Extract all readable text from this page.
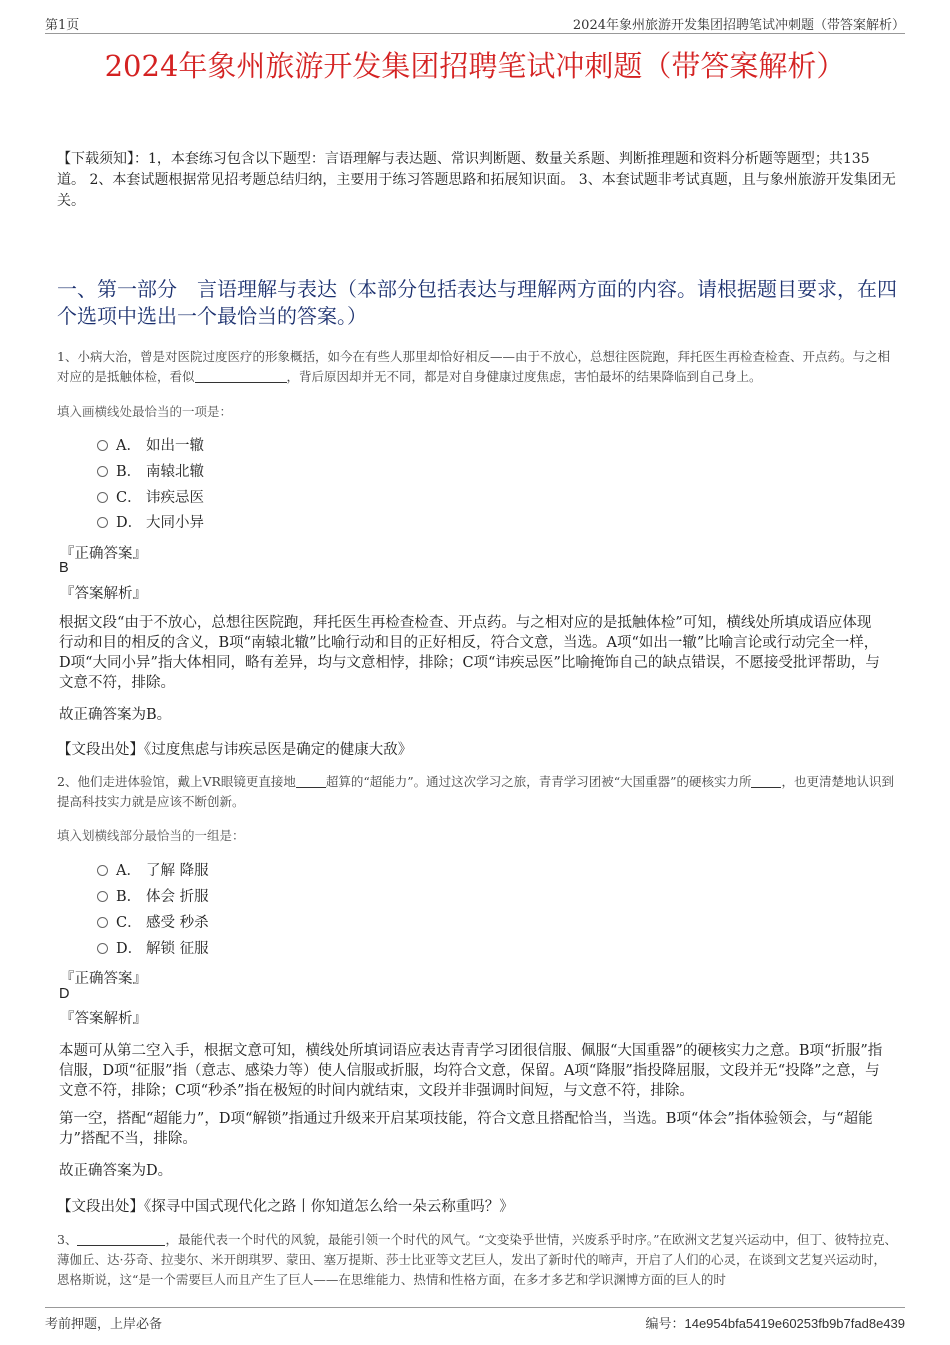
第1页	2024年象州旅游开发集团招聘笔试冲刺题（带答案解析）
2024年象州旅游开发集团招聘笔试冲刺题（带答案解析）
【下载须知】：1，本套练习包含以下题型：言语理解与表达题、常识判断题、数量关系题、判断推理题和资料分析题等题型；共135道。 2、本套试题根据常见招考题总结归纳，主要用于练习答题思路和拓展知识面。 3、本套试题非考试真题，且与象州旅游开发集团无关。
一、第一部分　言语理解与表达（本部分包括表达与理解两方面的内容。请根据题目要求，在四个选项中选出一个最恰当的答案。）
1、小病大治，曾是对医院过度医疗的形象概括，如今在有些人那里却恰好相反——由于不放心，总想往医院跑，拜托医生再检查检查、开点药。与之相对应的是抵触体检，看似	，背后原因却并无不同，都是对自身健康过度焦虑，害怕最坏的结果降临到自己身上。
填入画横线处最恰当的一项是：
A． 如出一辙
B． 南辕北辙
C． 讳疾忌医
D． 大同小异
『正确答案』
B
『答案解析』
根据文段“由于不放心，总想往医院跑，拜托医生再检查检查、开点药。与之相对应的是抵触体检”可知，横线处所填成语应体现行动和目的相反的含义，B项“南辕北辙”比喻行动和目的正好相反，符合文意，当选。A项“如出一辙”比喻言论或行动完全一样，D项“大同小异”指大体相同，略有差异，均与文意相悖，排除；C项“讳疾忌医”比喻掩饰自己的缺点错误，不愿接受批评帮助，与文意不符，排除。
故正确答案为B。
【文段出处】《过度焦虑与讳疾忌医是确定的健康大敌》
2、他们走进体验馆，戴上VR眼镜更直接地 超算的“超能力”。通过这次学习之旅，青青学习团被“大国重器”的硬核实力所 ，也更清楚地认识到提高科技实力就是应该不断创新。
填入划横线部分最恰当的一组是：
A． 了解 降服
B． 体会 折服
C． 感受 秒杀
D． 解锁 征服
『正确答案』
D
『答案解析』
本题可从第二空入手，根据文意可知，横线处所填词语应表达青青学习团很信服、佩服“大国重器”的硬核实力之意。B项“折服”指信服，D项“征服”指（意志、感染力等）使人信服或折服，均符合文意，保留。A项“降服”指投降屈服，文段并无“投降”之意，与文意不符，排除；C项“秒杀”指在极短的时间内就结束，文段并非强调时间短，与文意不符，排除。
第一空，搭配“超能力”，D项“解锁”指通过升级来开启某项技能，符合文意且搭配恰当，当选。B项“体会”指体验领会，与“超能力”搭配不当，排除。
故正确答案为D。
【文段出处】《探寻中国式现代化之路丨你知道怎么给一朵云称重吗？》
3、	，最能代表一个时代的风貌，最能引领一个时代的风气。“文变染乎世情，兴废系乎时序。”在欧洲文艺复兴运动中，但丁、彼特拉克、薄伽丘、达·芬奇、拉斐尔、米开朗琪罗、蒙田、塞万提斯、莎士比亚等文艺巨人，发出了新时代的啼声，开启了人们的心灵，在谈到文艺复兴运动时，恩格斯说，这“是一个需要巨人而且产生了巨人——在思维能力、热情和性格方面，在多才多艺和学识渊博方面的巨人的时
考前押题，上岸必备	编号：14e954bfa5419e60253fb9b7fad8e439
